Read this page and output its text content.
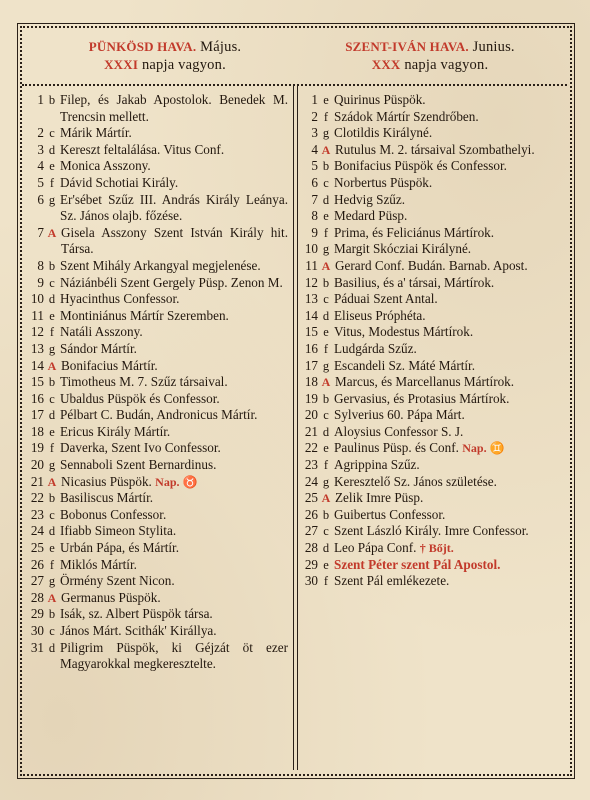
PÜNKÖSD HAVA. Május.
XXXI napja vagyon.
SZENT-IVÁN HAVA. Junius.
XXX napja vagyon.
1 b Filep, és Jakab Apostolok. Benedek M. Trencsin mellett.
2 c Márik Mártír.
3 d Kereszt feltalálása. Vitus Conf.
4 e Monica Asszony.
5 f Dávid Schotiai Király.
6 g Er'sébet Szűz III. András Király Leánya. Sz. János olajb. főzése.
7 A Gisela Asszony Szent István Király hit. Társa.
8 b Szent Mihály Arkangyal megjelenése.
9 c Náziánbéli Szent Gergely Püsp. Zenon M.
10 d Hyacinthus Confessor.
11 e Montiniánus Mártír Szeremben.
12 f Natáli Asszony.
13 g Sándor Mártír.
14 A Bonifacius Mártír.
15 b Timotheus M. 7. Szűz társaival.
16 c Ubaldus Püspök és Confessor.
17 d Pélbart C. Budán, Andronicus Mártír.
18 e Ericus Király Mártír.
19 f Daverka, Szent Ivo Confessor.
20 g Sennaboli Szent Bernardinus.
21 A Nicasius Püspök. Nap. ♉
22 b Basiliscus Mártír.
23 c Bobonus Confessor.
24 d Ifiabb Simeon Stylita.
25 e Urbán Pápa, és Mártír.
26 f Miklós Mártír.
27 g Örmény Szent Nicon.
28 A Germanus Püspök.
29 b Isák, sz. Albert Püspök társa.
30 c János Márt. Scithák' Királlya.
31 d Piligrim Püspök, ki Géjzát öt ezer Magyarokkal megkeresztelte.
1 e Quirinus Püspök.
2 f Szádok Mártír Szendrőben.
3 g Clotildis Királyné.
4 A Rutulus M. 2. társaival Szombathelyi.
5 b Bonifacius Püspök és Confessor.
6 c Norbertus Püspök.
7 d Hedvig Szűz.
8 e Medard Püsp.
9 f Prima, és Feliciánus Mártírok.
10 g Margit Skócziai Királyné.
11 A Gerard Conf. Budán. Barnab. Apost.
12 b Basilius, és a' társai, Mártírok.
13 c Páduai Szent Antal.
14 d Eliseus Próphéta.
15 e Vitus, Modestus Mártírok.
16 f Ludgárda Szűz.
17 g Escandeli Sz. Máté Mártír.
18 A Marcus, és Marcellanus Mártírok.
19 b Gervasius, és Protasius Mártírok.
20 c Sylverius 60. Pápa Márt.
21 d Aloysius Confessor S. J.
22 e Paulinus Püsp. és Conf. Nap. ♊
23 f Agrippina Szűz.
24 g Keresztelő Sz. János születése.
25 A Zelik Imre Püsp.
26 b Guibertus Confessor.
27 c Szent László Király. Imre Confessor.
28 d Leo Pápa Conf. † Bőjt.
29 e Szent Péter szent Pál Apostol.
30 f Szent Pál emlékezete.
